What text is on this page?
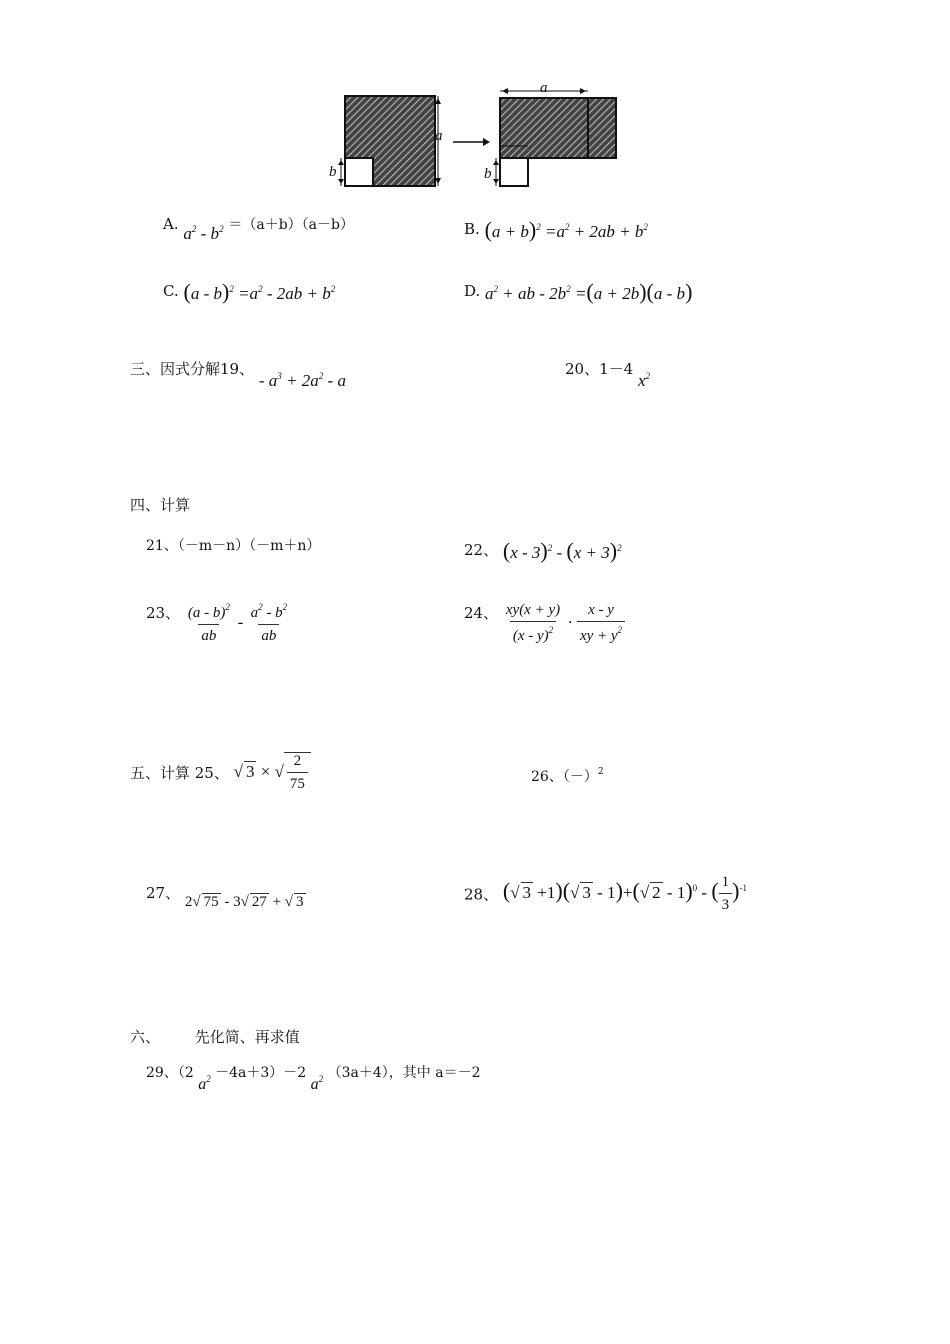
a
b
a
b
A. $a^2 - b^2 =(a+b)(a-b)$	B. $(a + b)^2 =a^2 + 2ab + b^2$
C. $(a - b)^2 =a^2 - 2ab + b^2$	D. $a^2$ + ab - $2b^2 =(a + 2b)(a - b)$
三、因式分解19、 - $a^3 + 2a^2 - a$
20、1－4 $x^2$
四、计算
21、（－m－n）（－m＋n）	22、 $(x - 3)^2 - (x + 3)^2$
23、 $\frac{(a - b)^2}{ab} - \frac{a^2 - b^2}{ab}$	24、 $\frac{xy(x + y)}{(x - y)^2} \cdot \frac{x - y}{xy + y^2}$
五、计算 25、 √ 3 × √ $\frac{2}{75}$	26、$(-)^2$
27、 2√ 75 - 3√ 27 + √ 3	28、 (√ 3 +1)(√ 3 - 1)+(√ 2 - 1)$^0$ - ( $\frac{1}{3} )^{-1}$
六、 先化简、再求值
29、（2 $a^2 -4a+3)-2$ $a^2$ （3a＋4），其中 a＝－2
